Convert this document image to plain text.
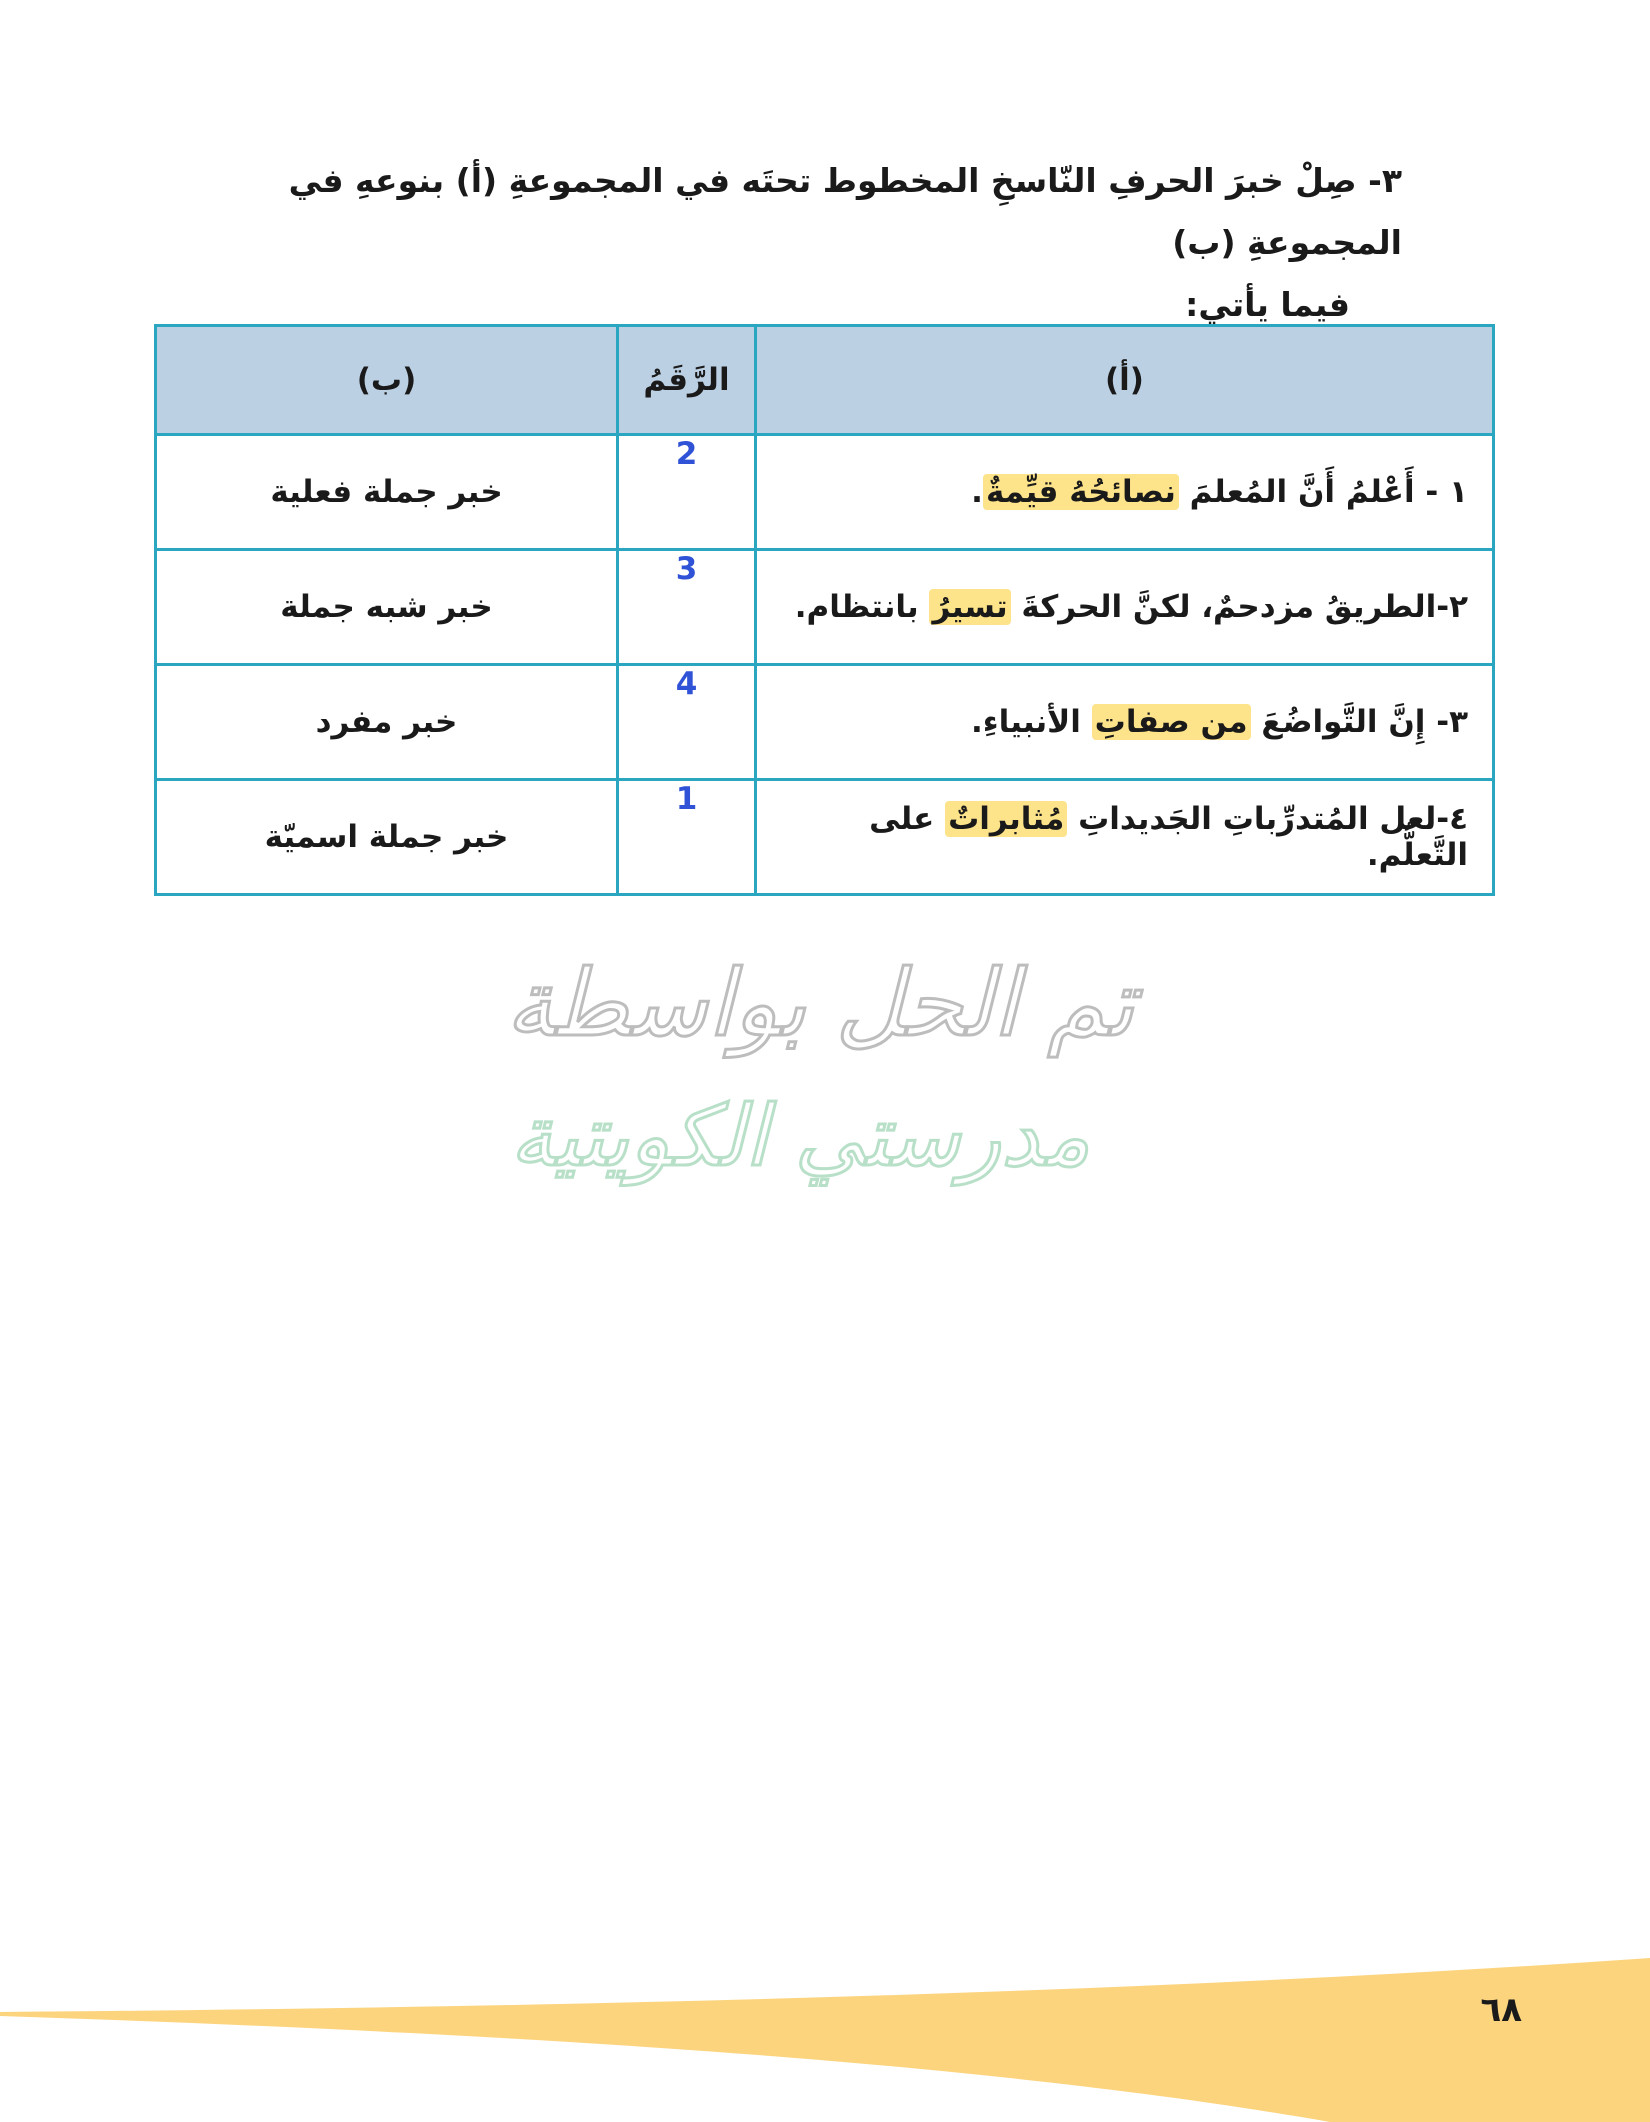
٣- صِلْ خبرَ الحرفِ النّاسخِ المخطوط تحتَه في المجموعةِ (أ) بنوعهِ في المجموعةِ (ب)
فيما يأتي:
(أ)	الرَّقَمُ	(ب)
١ - أَعْلمُ أَنَّ المُعلمَ نصائحُهُ قيِّمةٌ.	2	خبر جملة فعلية
٢-الطريقُ مزدحمٌ، لكنَّ الحركةَ تسيرُ بانتظام.	3	خبر شبه جملة
٣- إِنَّ التَّواضُعَ من صفاتِ الأنبياءِ.	4	خبر مفرد
٤-لعل المُتدرِّباتِ الجَديداتِ مُثابراتٌ على التَّعلُّم.	1	خبر جملة اسميّة
تم الحل بواسطة
مدرستي الكويتية
٦٨
